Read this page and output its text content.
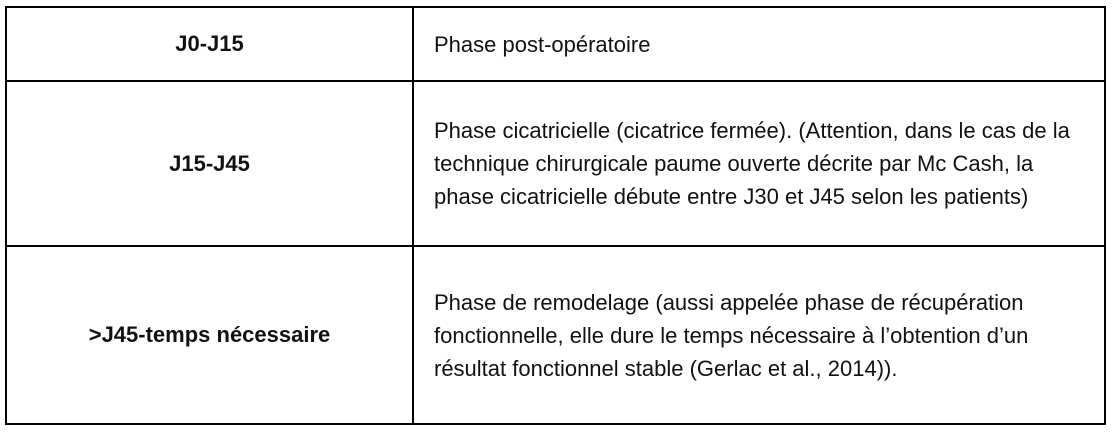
J0-J15	Phase post-opératoire
J15-J45	Phase cicatricielle (cicatrice fermée). (Attention, dans le cas de la technique chirurgicale paume ouverte décrite par Mc Cash, la phase cicatricielle débute entre J30 et J45 selon les patients)
>J45-temps nécessaire	Phase de remodelage (aussi appelée phase de récupération fonctionnelle, elle dure le temps nécessaire à l’obtention d’un résultat fonctionnel stable (Gerlac et al., 2014)).
